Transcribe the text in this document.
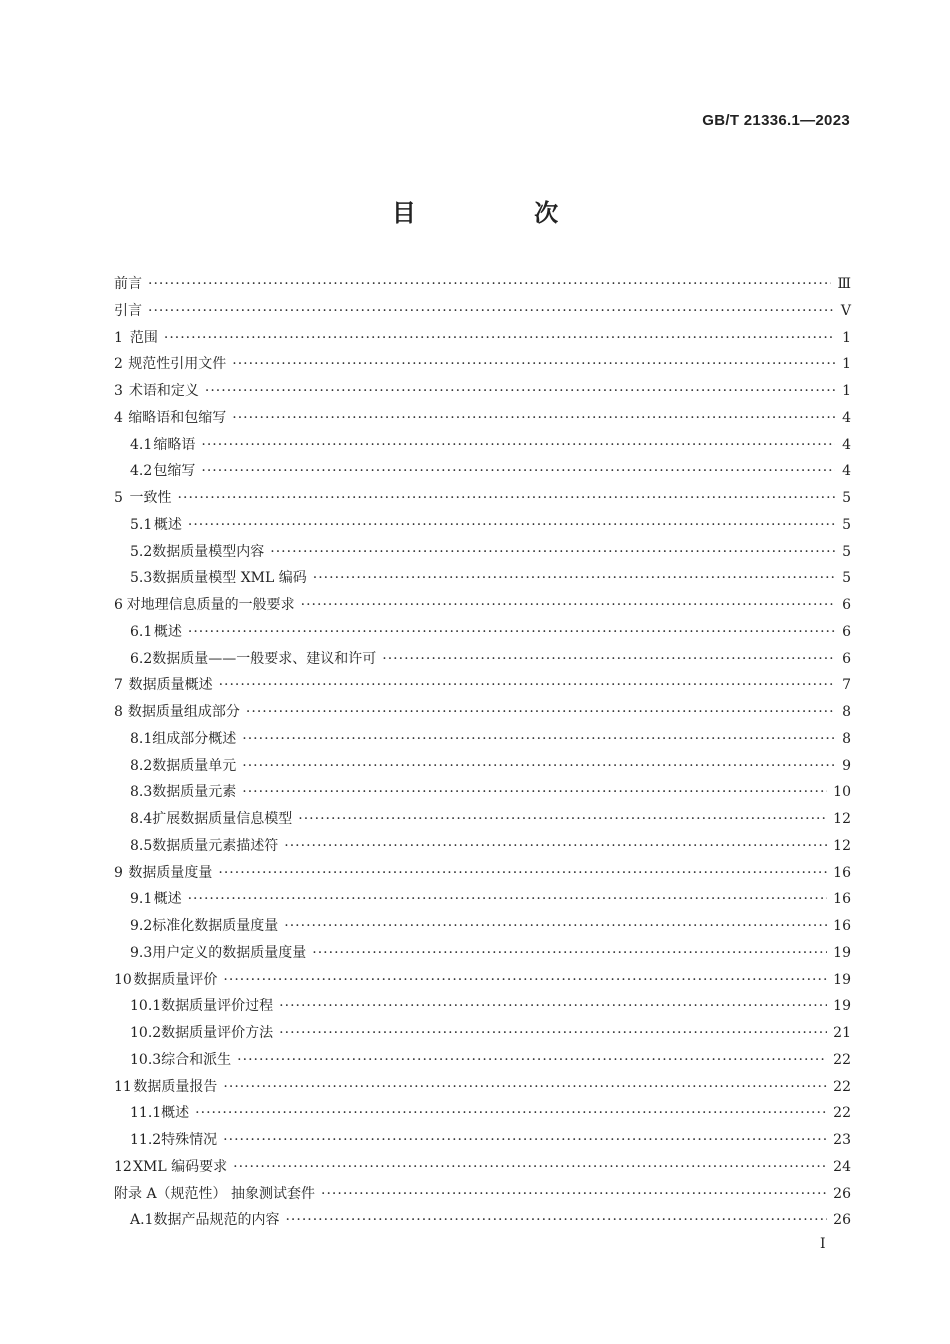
GB/T 21336.1—2023
目 次
前言 ·····	Ⅲ
引言 ·····	Ⅴ
1 范围 ·····	1
2 规范性引用文件 ·····	1
3 术语和定义 ·····	1
4 缩略语和包缩写 ·····	4
4.1 缩略语 ·····	4
4.2 包缩写 ·····	4
5 一致性 ·····	5
5.1 概述 ·····	5
5.2 数据质量模型内容 ·····	5
5.3 数据质量模型 XML 编码 ·····	5
6 对地理信息质量的一般要求 ·····	6
6.1 概述 ·····	6
6.2 数据质量——一般要求、建议和许可 ·····	6
7 数据质量概述 ·····	7
8 数据质量组成部分 ·····	8
8.1 组成部分概述 ·····	8
8.2 数据质量单元 ·····	9
8.3 数据质量元素 ·····	10
8.4 扩展数据质量信息模型 ·····	12
8.5 数据质量元素描述符 ·····	12
9 数据质量度量 ·····	16
9.1 概述 ·····	16
9.2 标准化数据质量度量 ·····	16
9.3 用户定义的数据质量度量 ·····	19
10 数据质量评价 ·····	19
10.1 数据质量评价过程 ·····	19
10.2 数据质量评价方法 ·····	21
10.3 综合和派生 ·····	22
11 数据质量报告 ·····	22
11.1 概述 ·····	22
11.2 特殊情况 ·····	23
12 XML 编码要求 ·····	24
附录 A（规范性） 抽象测试套件 ·····	26
A.1 数据产品规范的内容 ·····	26
I
